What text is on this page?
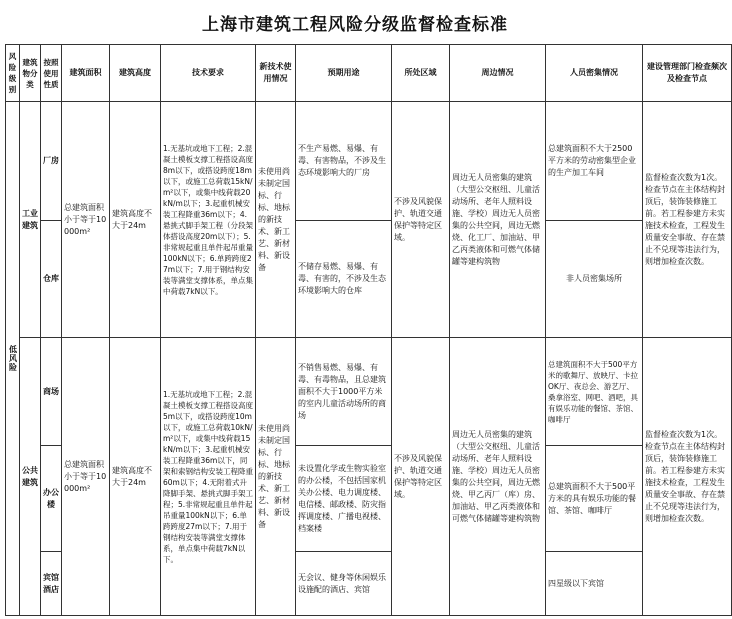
上海市建筑工程风险分级监督检查标准
风险级别	建筑物分类	按照使用性质	建筑面积	建筑高度	技术要求	新技术使用情况	预期用途	所处区域	周边情况	人员密集情况	建设管理部门检查频次及检查节点
低风险	工业建筑	厂房	总建筑面积小于等于10000m²	建筑高度不大于24m	1.无基坑或地下工程；2.混凝土模板支撑工程搭设高度8m以下，或搭设跨度18m以下，或施工总荷载15kN/m²以下，或集中线荷载20kN/m以下；3.起重机械安装工程降重36m以下；4.悬挑式脚手架工程（分段架体搭设高度20m以下）；5.非常规起重且单件起吊重量100kN以下；6.单跨跨度27m以下；7.用于钢结构安装等满堂支撑体系，单点集中荷载7kN以下。	未使用尚未制定国标、行标、地标的新技术、新工艺、新材料、新设备	不生产易燃、易爆、有毒、有害物品，不涉及生态环境影响大的厂房	不涉及风貌保护、轨道交通保护等特定区域。	周边无人员密集的建筑（大型公交枢纽、儿童活动场所、老年人照料设施、学校）周边无人员密集的公共空间，周边无燃烧、化工厂、加油站、甲乙丙类液体和可燃气体储罐等建构筑物	总建筑面积不大于2500平方米的劳动密集型企业的生产加工车间	监督检查次数为1次。检查节点在主体结构封顶后，装饰装修施工前。若工程参建方未实施技术检查，工程发生质量安全事故、存在禁止不兑现等违法行为，则增加检查次数。
		仓库					不储存易燃、易爆、有毒、有害的，不涉及生态环境影响大的仓库			非人员密集场所	
	公共建筑	商场	总建筑面积小于等于10000m²	建筑高度不大于24m	1.无基坑或地下工程；2.混凝土模板支撑工程搭设高度5m以下，或搭设跨度10m以下，或施工总荷载10kN/m²以下，或集中线荷载15kN/m以下；3.起重机械安装工程降重36m以下，同架和索钢结构安装工程降重60m以下；4.无附着式升降脚手架、悬挑式脚手架工程；5.非常规起重且单件起吊重量100kN以下；6.单跨跨度27m以下；7.用于钢结构安装等满堂支撑体系，单点集中荷载7kN以下。	未使用尚未制定国标、行标、地标的新技术、新工艺、新材料、新设备	不销售易燃、易爆、有毒、有毒物品，且总建筑面积不大于1000平方米的室内儿童活动场所的商场	不涉及风貌保护、轨道交通保护等特定区域。	周边无人员密集的建筑（大型公交枢纽、儿童活动场所、老年人照料设施、学校）周边无人员密集的公共空间，周边无燃烧、甲乙丙厂（库）房、加油站、甲乙丙类液体和可燃气体储罐等建构筑物	总建筑面积不大于500平方米的歌舞厅、放映厅、卡拉OK厅、夜总会、游艺厅、桑拿浴室、网吧、酒吧，具有娱乐功能的餐馆、茶馆、咖啡厅	监督检查次数为1次。检查节点在主体结构封顶后，装饰装修施工前。若工程参建方未实施技术检查，工程发生质量安全事故、存在禁止不兑现等违法行为，则增加检查次数。
		办公楼					未设置化学或生物实验室的办公楼，不包括国家机关办公楼、电力调度楼、电信楼、邮政楼、防灾指挥调度楼、广播电视楼、档案楼			总建筑面积不大于500平方米的具有娱乐功能的餐馆、茶馆、咖啡厅	
		宾馆酒店					无会议、健身等休闲娱乐设施配的酒店、宾馆			四星级以下宾馆	
